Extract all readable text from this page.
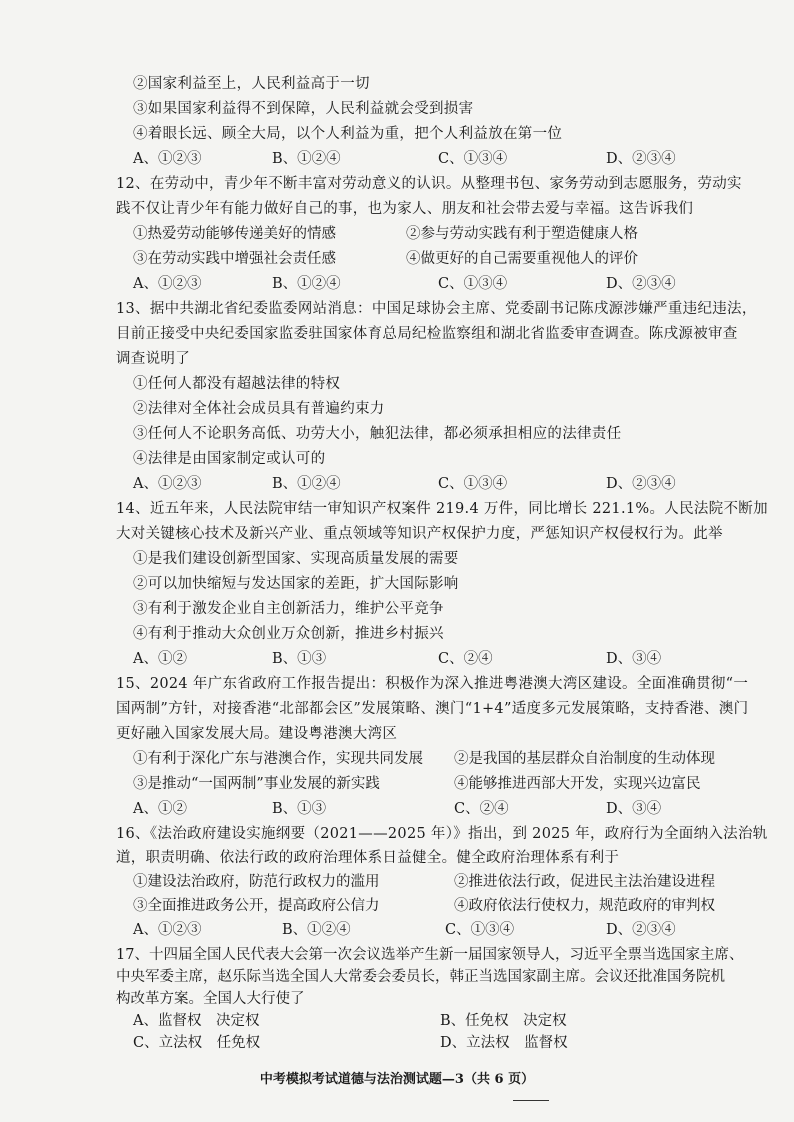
②国家利益至上，人民利益高于一切
③如果国家利益得不到保障，人民利益就会受到损害
④着眼长远、顾全大局，以个人利益为重，把个人利益放在第一位
A、①②③	B、①②④	C、①③④	D、②③④
12、在劳动中，青少年不断丰富对劳动意义的认识。从整理书包、家务劳动到志愿服务，劳动实
践不仅让青少年有能力做好自己的事，也为家人、朋友和社会带去爱与幸福。这告诉我们
①热爱劳动能够传递美好的情感	②参与劳动实践有利于塑造健康人格
③在劳动实践中增强社会责任感	④做更好的自己需要重视他人的评价
A、①②③	B、①②④	C、①③④	D、②③④
13、据中共湖北省纪委监委网站消息：中国足球协会主席、党委副书记陈戌源涉嫌严重违纪违法，
目前正接受中央纪委国家监委驻国家体育总局纪检监察组和湖北省监委审查调查。陈戌源被审查
调查说明了
①任何人都没有超越法律的特权
②法律对全体社会成员具有普遍约束力
③任何人不论职务高低、功劳大小，触犯法律，都必须承担相应的法律责任
④法律是由国家制定或认可的
A、①②③	B、①②④	C、①③④	D、②③④
14、近五年来，人民法院审结一审知识产权案件 219.4 万件，同比增长 221.1%。人民法院不断加
大对关键核心技术及新兴产业、重点领域等知识产权保护力度，严惩知识产权侵权行为。此举
①是我们建设创新型国家、实现高质量发展的需要
②可以加快缩短与发达国家的差距，扩大国际影响
③有利于激发企业自主创新活力，维护公平竞争
④有利于推动大众创业万众创新，推进乡村振兴
A、①②	B、①③	C、②④	D、③④
15、2024 年广东省政府工作报告提出：积极作为深入推进粤港澳大湾区建设。全面准确贯彻“一
国两制”方针，对接香港“北部都会区”发展策略、澳门“1+4”适度多元发展策略，支持香港、澳门
更好融入国家发展大局。建设粤港澳大湾区
①有利于深化广东与港澳合作，实现共同发展 ②是我国的基层群众自治制度的生动体现
③是推动“一国两制”事业发展的新实践	④能够推进西部大开发，实现兴边富民
A、①②	B、①③	C、②④	D、③④
16、《法治政府建设实施纲要（2021——2025 年）》指出，到 2025 年，政府行为全面纳入法治轨
道，职责明确、依法行政的政府治理体系日益健全。健全政府治理体系有利于
①建设法治政府，防范行政权力的滥用	②推进依法行政，促进民主法治建设进程
③全面推进政务公开，提高政府公信力	④政府依法行使权力，规范政府的审判权
A、①②③	B、①②④	C、①③④	D、②③④
17、十四届全国人民代表大会第一次会议选举产生新一届国家领导人，习近平全票当选国家主席、
中央军委主席，赵乐际当选全国人大常委会委员长，韩正当选国家副主席。会议还批准国务院机
构改革方案。全国人大行使了
A、监督权　决定权	B、任免权　决定权
C、立法权　任免权	D、立法权　监督权
中考模拟考试道德与法治测试题—3（共 6 页）
